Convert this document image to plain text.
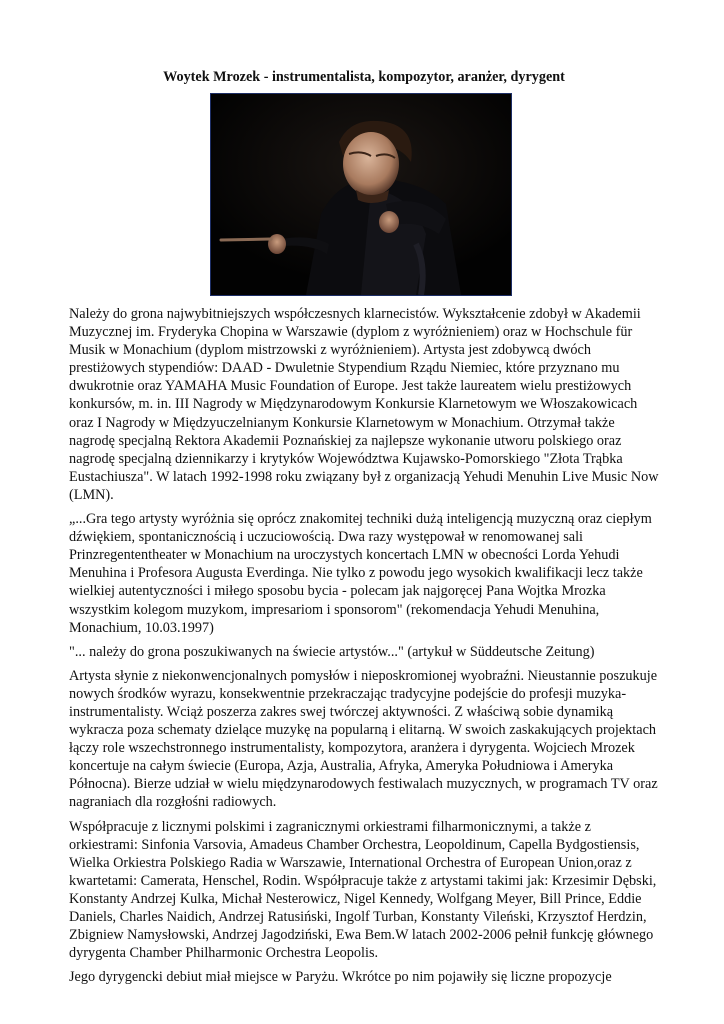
Woytek Mrozek - instrumentalista, kompozytor, aranżer, dyrygent

Należy do grona najwybitniejszych współczesnych klarnecistów. Wykształcenie zdobył w Akademii Muzycznej im. Fryderyka Chopina w Warszawie (dyplom z wyróżnieniem) oraz w Hochschule für Musik w Monachium (dyplom mistrzowski z wyróżnieniem). Artysta jest zdobywcą dwóch prestiżowych stypendiów: DAAD - Dwuletnie Stypendium Rządu Niemiec, które przyznano mu dwukrotnie oraz YAMAHA Music Foundation of Europe. Jest także laureatem wielu prestiżowych konkursów, m. in. III Nagrody w Międzynarodowym Konkursie Klarnetowym we Włoszakowicach oraz I Nagrody w Międzyuczelnianym Konkursie Klarnetowym w Monachium. Otrzymał także nagrodę specjalną Rektora Akademii Poznańskiej za najlepsze wykonanie utworu polskiego oraz nagrodę specjalną dziennikarzy i krytyków Województwa Kujawsko-Pomorskiego "Złota Trąbka Eustachiusza". W latach 1992-1998 roku związany był z organizacją Yehudi Menuhin Live Music Now (LMN).

„...Gra tego artysty wyróżnia się oprócz znakomitej techniki dużą inteligencją muzyczną oraz ciepłym dźwiękiem, spontanicznością i uczuciowością. Dwa razy występował w renomowanej sali Prinzregententheater w Monachium na uroczystych koncertach LMN w obecności Lorda Yehudi Menuhina i Profesora Augusta Everdinga. Nie tylko z powodu jego wysokich kwalifikacji lecz także wielkiej autentyczności i miłego sposobu bycia - polecam jak najgoręcej Pana Wojtka Mrozka wszystkim kolegom muzykom, impresariom i sponsorom" (rekomendacja Yehudi Menuhina, Monachium, 10.03.1997)

"... należy do grona poszukiwanych na świecie artystów..." (artykuł w Süddeutsche Zeitung)

Artysta słynie z niekonwencjonalnych pomysłów i nieposkromionej wyobraźni. Nieustannie poszukuje nowych środków wyrazu, konsekwentnie przekraczając tradycyjne podejście do profesji muzyka- instrumentalisty. Wciąż poszerza zakres swej twórczej aktywności. Z właściwą sobie dynamiką wykracza poza schematy dzielące muzykę na popularną i elitarną. W swoich zaskakujących projektach łączy role wszechstronnego instrumentalisty, kompozytora, aranżera i dyrygenta. Wojciech Mrozek koncertuje na całym świecie (Europa, Azja, Australia, Afryka, Ameryka Południowa i Ameryka Północna). Bierze udział w wielu międzynarodowych festiwalach muzycznych, w programach TV oraz nagraniach dla rozgłośni radiowych.

Współpracuje z licznymi polskimi i zagranicznymi orkiestrami filharmonicznymi, a także z orkiestrami: Sinfonia Varsovia, Amadeus Chamber Orchestra, Leopoldinum, Capella Bydgostiensis, Wielka Orkiestra Polskiego Radia w Warszawie, International Orchestra of European Union,oraz z kwartetami: Camerata, Henschel, Rodin. Współpracuje także z artystami takimi jak: Krzesimir Dębski, Konstanty Andrzej Kulka, Michał Nesterowicz, Nigel Kennedy, Wolfgang Meyer, Bill Prince, Eddie Daniels, Charles Naidich, Andrzej Ratusiński, Ingolf Turban, Konstanty Vileński, Krzysztof Herdzin, Zbigniew Namysłowski, Andrzej Jagodziński, Ewa Bem.W latach 2002-2006 pełnił funkcję głównego dyrygenta Chamber Philharmonic Orchestra Leopolis.

Jego dyrygencki debiut miał miejsce w Paryżu. Wkrótce po nim pojawiły się liczne propozycje
